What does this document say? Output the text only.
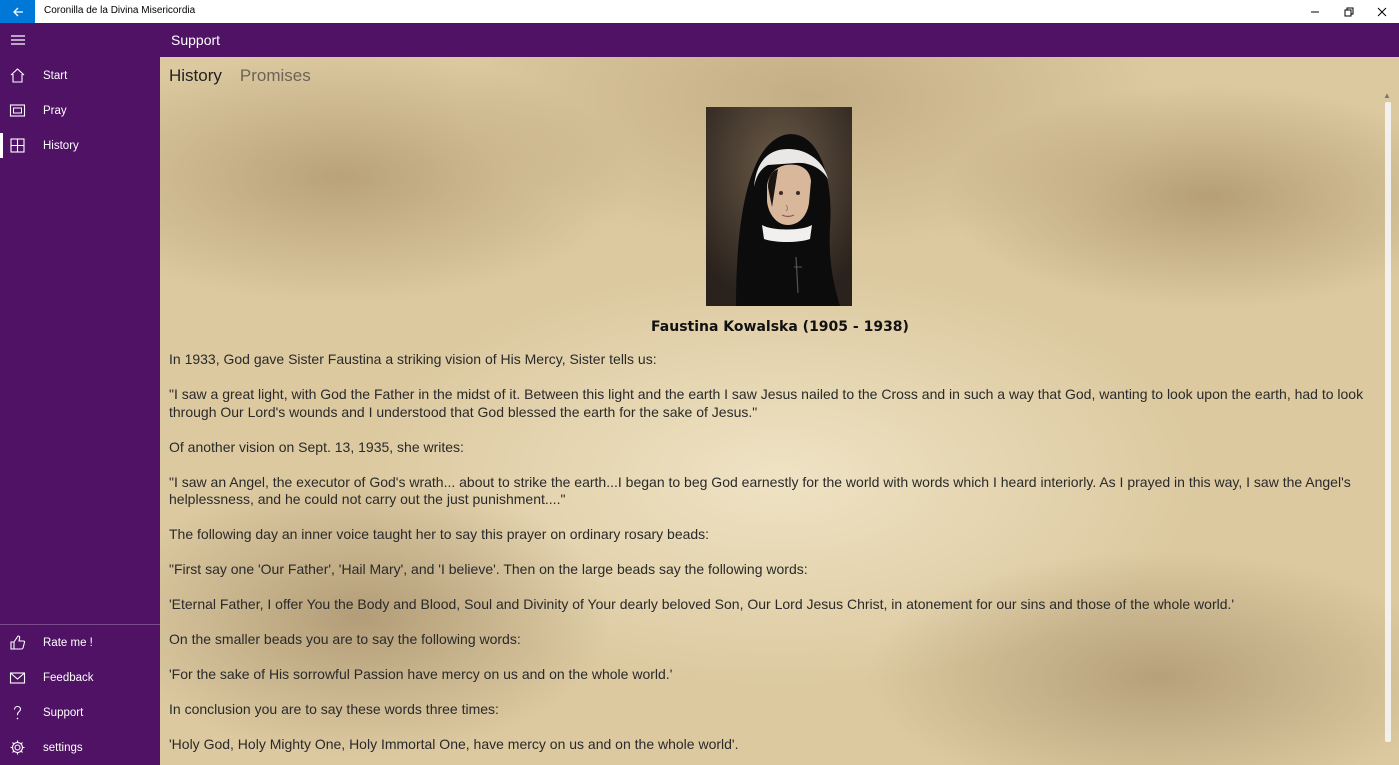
Coronilla de la Divina Misericordia
Support
Start
Pray
History
Rate me !
Feedback
Support
settings
History Promises
Faustina Kowalska (1905 - 1938)

In 1933, God gave Sister Faustina a striking vision of His Mercy, Sister tells us:

"I saw a great light, with God the Father in the midst of it. Between this light and the earth I saw Jesus nailed to the Cross and in such a way that God, wanting to look upon the earth, had to look through Our Lord's wounds and I understood that God blessed the earth for the sake of Jesus."

Of another vision on Sept. 13, 1935, she writes:

"I saw an Angel, the executor of God's wrath... about to strike the earth...I began to beg God earnestly for the world with words which I heard interiorly. As I prayed in this way, I saw the Angel's helplessness, and he could not carry out the just punishment...."

The following day an inner voice taught her to say this prayer on ordinary rosary beads:

"First say one 'Our Father', 'Hail Mary', and 'I believe'. Then on the large beads say the following words:

'Eternal Father, I offer You the Body and Blood, Soul and Divinity of Your dearly beloved Son, Our Lord Jesus Christ, in atonement for our sins and those of the whole world.'

On the smaller beads you are to say the following words:

'For the sake of His sorrowful Passion have mercy on us and on the whole world.'

In conclusion you are to say these words three times:

'Holy God, Holy Mighty One, Holy Immortal One, have mercy on us and on the whole world'.

▲
